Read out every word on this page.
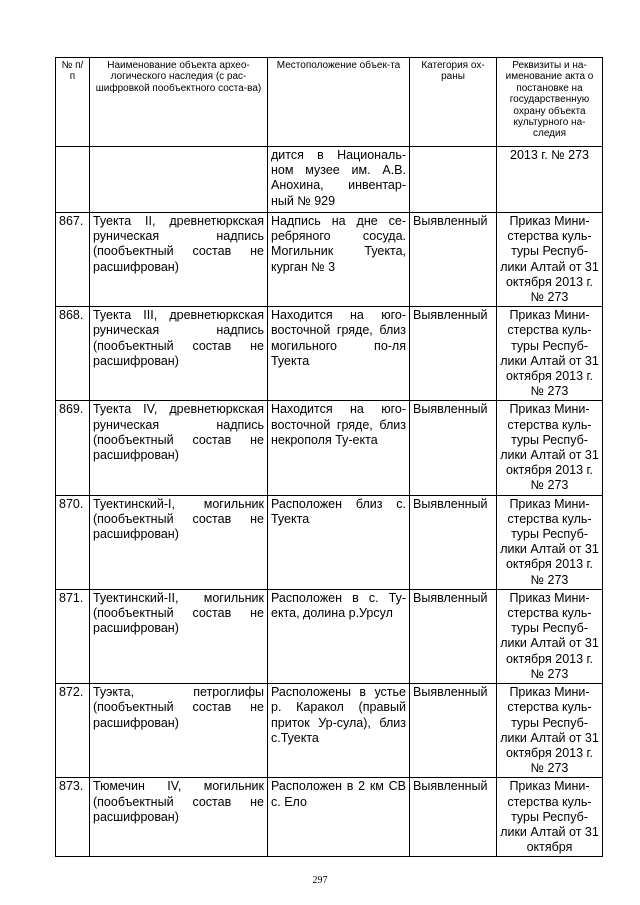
№ п/п	Наименование объекта архео-логического наследия (с рас-шифровкой пообъектного соста-ва)	Местоположение объек-та	Категория ох-раны	Реквизиты и на-именование акта о постановке на государственную охрану объекта культурного на-следия
		дится в Националь-ном музее им. А.В. Анохина, инвентар-ный № 929		2013 г. № 273
867.	Туекта II, древнетюркская руническая надпись (пообъектный состав не расшифрован)	Надпись на дне се-ребряного сосуда. Могильник Туекта, курган № 3	Выявленный	Приказ Мини-стерства куль-туры Респуб-лики Алтай от 31 октября 2013 г. № 273
868.	Туекта III, древнетюркская руническая надпись (пообъектный состав не расшифрован)	Находится на юго-восточной гряде, близ могильного по-ля Туекта	Выявленный	Приказ Мини-стерства куль-туры Респуб-лики Алтай от 31 октября 2013 г. № 273
869.	Туекта IV, древнетюркская руническая надпись (пообъектный состав не расшифрован)	Находится на юго-восточной гряде, близ некрополя Ту-екта	Выявленный	Приказ Мини-стерства куль-туры Респуб-лики Алтай от 31 октября 2013 г. № 273
870.	Туектинский-I, могильник (пообъектный состав не расшифрован)	Расположен близ с. Туекта	Выявленный	Приказ Мини-стерства куль-туры Респуб-лики Алтай от 31 октября 2013 г. № 273
871.	Туектинский-II, могильник (пообъектный состав не расшифрован)	Расположен в с. Ту-екта, долина р.Урсул	Выявленный	Приказ Мини-стерства куль-туры Респуб-лики Алтай от 31 октября 2013 г. № 273
872.	Туэкта, петроглифы (пообъектный состав не расшифрован)	Расположены в устье р. Каракол (правый приток Ур-сула), близ с.Туекта	Выявленный	Приказ Мини-стерства куль-туры Респуб-лики Алтай от 31 октября 2013 г. № 273
873.	Тюмечин IV, могильник (пообъектный состав не расшифрован)	Расположен в 2 км СВ с. Ело	Выявленный	Приказ Мини-стерства куль-туры Респуб-лики Алтай от 31 октября
297
